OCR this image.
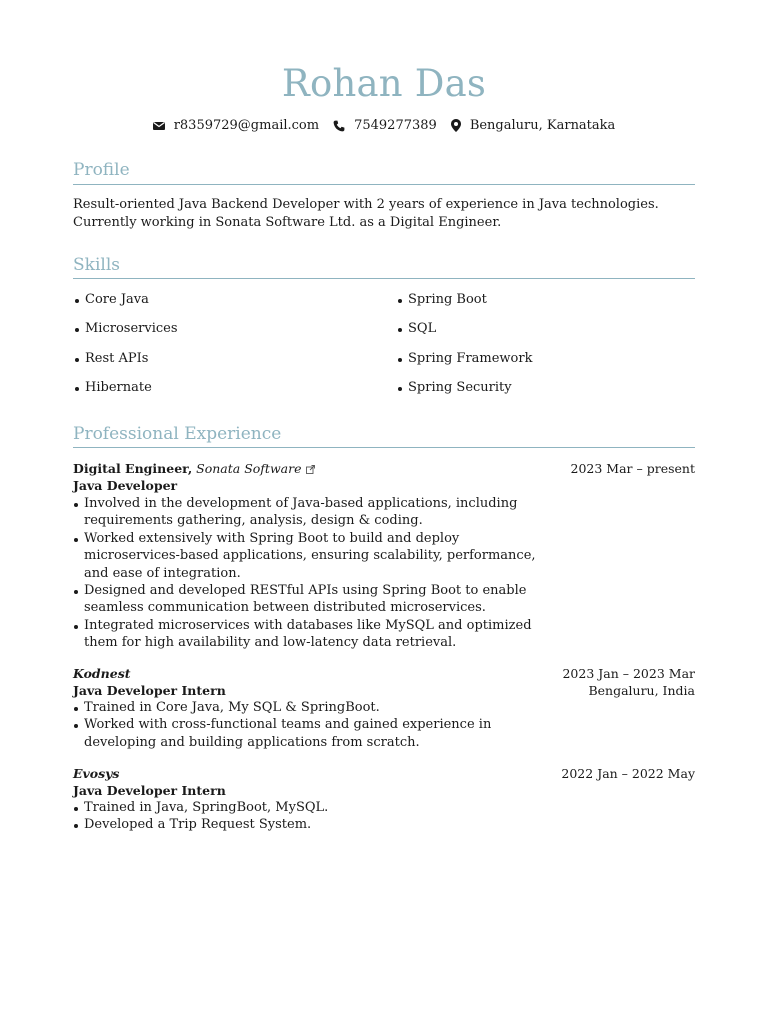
Rohan Das
r8359729@gmail.com	7549277389	Bengaluru, Karnataka
Profile
Result-oriented Java Backend Developer with 2 years of experience in Java technologies. Currently working in Sonata Software Ltd. as a Digital Engineer.
Skills
Core Java
Microservices
Rest APIs
Hibernate
Spring Boot
SQL
Spring Framework
Spring Security
Professional Experience
Digital Engineer, Sonata Software	2023 Mar – present
Java Developer
Involved in the development of Java-based applications, including requirements gathering, analysis, design & coding.
Worked extensively with Spring Boot to build and deploy microservices-based applications, ensuring scalability, performance, and ease of integration.
Designed and developed RESTful APIs using Spring Boot to enable seamless communication between distributed microservices.
Integrated microservices with databases like MySQL and optimized them for high availability and low-latency data retrieval.
Kodnest	2023 Jan – 2023 Mar
Bengaluru, India
Java Developer Intern
Trained in Core Java, My SQL & SpringBoot.
Worked with cross-functional teams and gained experience in developing and building applications from scratch.
Evosys	2022 Jan – 2022 May
Java Developer Intern
Trained in Java, SpringBoot, MySQL.
Developed a Trip Request System.
